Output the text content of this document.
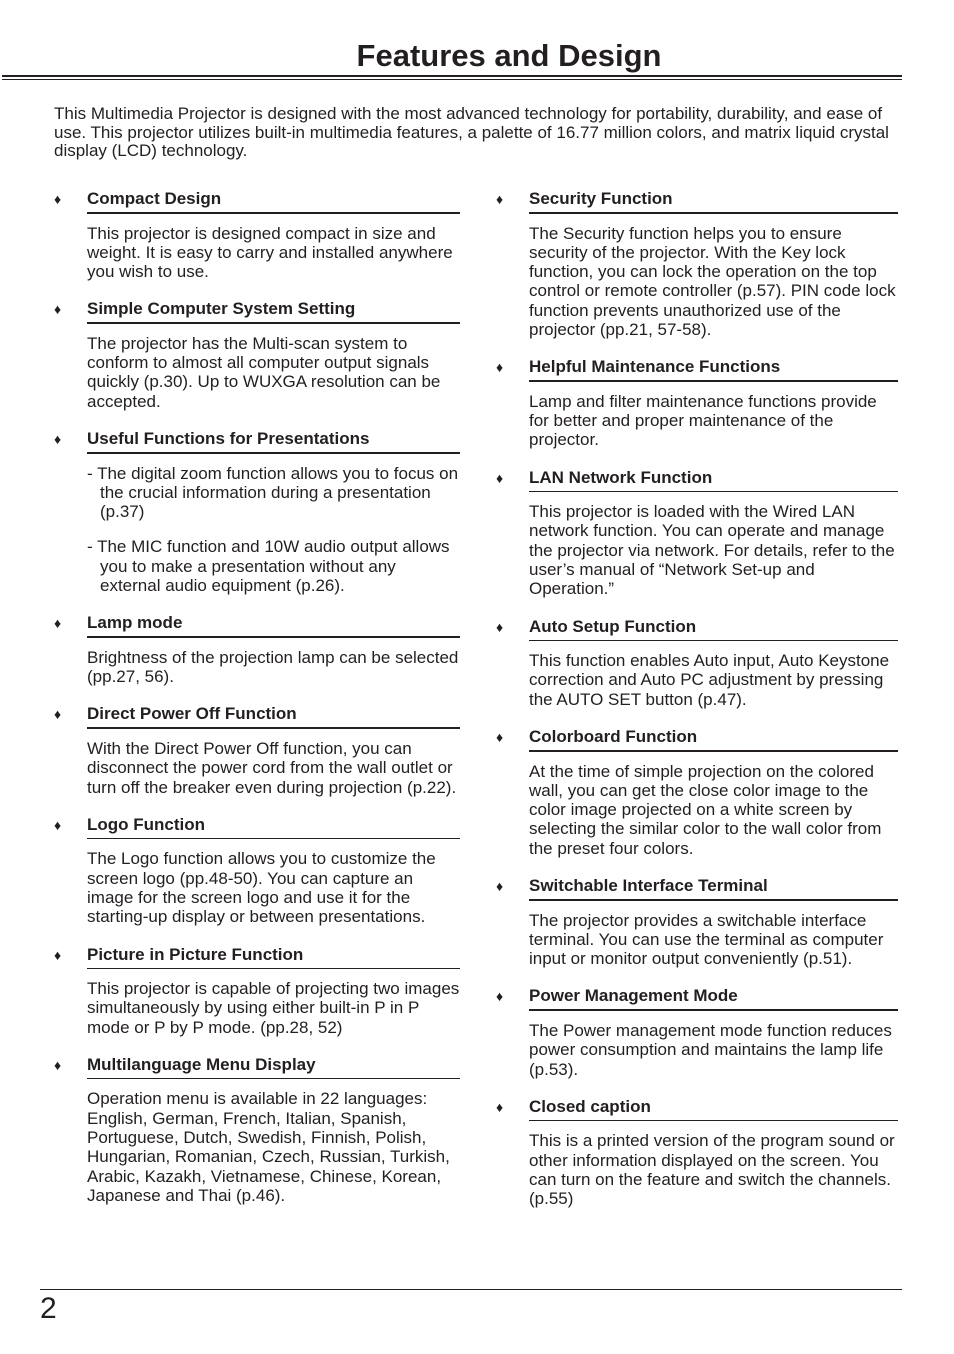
Features and Design

This Multimedia Projector is designed with the most advanced technology for portability, durability, and ease of use. This projector utilizes built-in multimedia features, a palette of 16.77 million colors, and matrix liquid crystal display (LCD) technology.

♦ Compact Design

This projector is designed compact in size and weight. It is easy to carry and installed anywhere you wish to use.

♦ Simple Computer System Setting

The projector has the Multi-scan system to conform to almost all computer output signals quickly (p.30). Up to WUXGA resolution can be accepted.

♦ Useful Functions for Presentations

- The digital zoom function allows you to focus on the crucial information during a presentation (p.37)

- The MIC function and 10W audio output allows you to make a presentation without any external audio equipment (p.26).

♦ Lamp mode

Brightness of the projection lamp can be selected (pp.27, 56).

♦ Direct Power Off Function

With the Direct Power Off function, you can disconnect the power cord from the wall outlet or turn off the breaker even during projection (p.22).

♦ Logo Function

The Logo function allows you to customize the screen logo (pp.48-50). You can capture an image for the screen logo and use it for the starting-up display or between presentations.

♦ Picture in Picture Function

This projector is capable of projecting two images simultaneously by using either built-in P in P mode or P by P mode. (pp.28, 52)

♦ Multilanguage Menu Display

Operation menu is available in 22 languages: English, German, French, Italian, Spanish, Portuguese, Dutch, Swedish, Finnish, Polish, Hungarian, Romanian, Czech, Russian, Turkish, Arabic, Kazakh, Vietnamese, Chinese, Korean, Japanese and Thai (p.46).

♦ Security Function

The Security function helps you to ensure security of the projector. With the Key lock function, you can lock the operation on the top control or remote controller (p.57). PIN code lock function prevents unauthorized use of the projector (pp.21, 57-58).

♦ Helpful Maintenance Functions

Lamp and filter maintenance functions provide for better and proper maintenance of the projector.

♦ LAN Network Function

This projector is loaded with the Wired LAN network function. You can operate and manage the projector via network. For details, refer to the user’s manual of “Network Set-up and Operation.”

♦ Auto Setup Function

This function enables Auto input, Auto Keystone correction and Auto PC adjustment by pressing the AUTO SET button (p.47).

♦ Colorboard Function

At the time of simple projection on the colored wall, you can get the close color image to the color image projected on a white screen by selecting the similar color to the wall color from the preset four colors.

♦ Switchable Interface Terminal

The projector provides a switchable interface terminal. You can use the terminal as computer input or monitor output conveniently (p.51).

♦ Power Management Mode

The Power management mode function reduces power consumption and maintains the lamp life (p.53).

♦ Closed caption

This is a printed version of the program sound or other information displayed on the screen. You can turn on the feature and switch the channels. (p.55)

2
